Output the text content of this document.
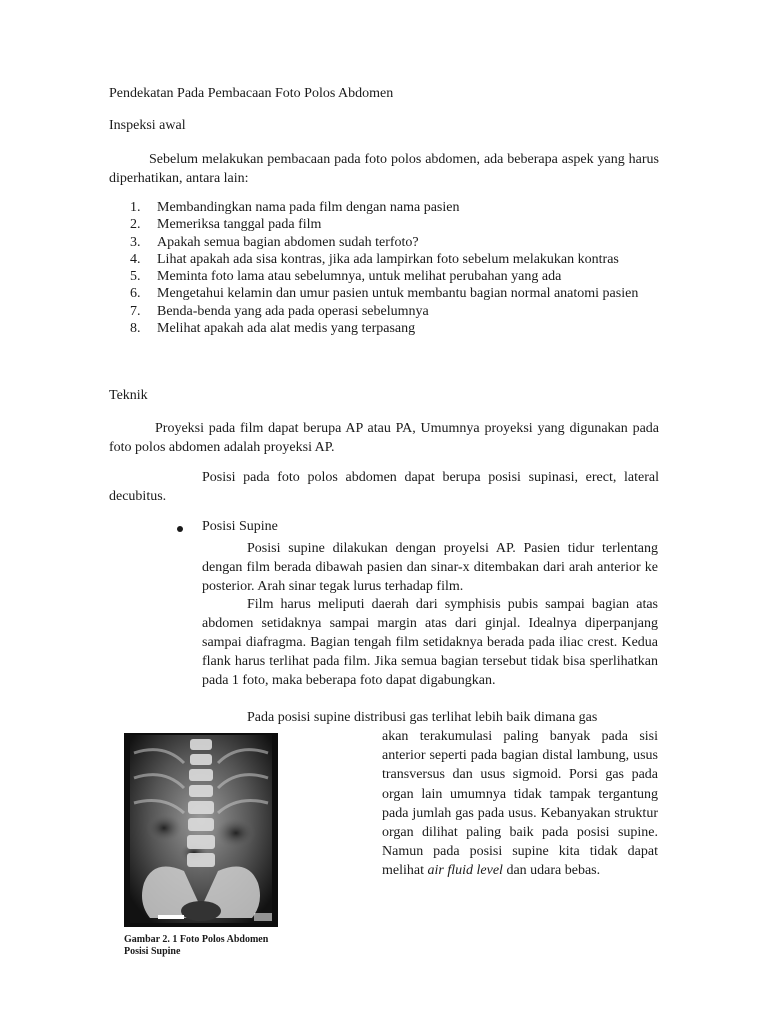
Pendekatan Pada Pembacaan Foto Polos Abdomen
Inspeksi awal
Sebelum melakukan pembacaan pada foto polos abdomen, ada beberapa aspek yang harus diperhatikan, antara lain:
1. Membandingkan nama pada film dengan nama pasien
2. Memeriksa tanggal pada film
3. Apakah semua bagian abdomen sudah terfoto?
4. Lihat apakah ada sisa kontras, jika ada lampirkan foto sebelum melakukan kontras
5. Meminta foto lama atau sebelumnya, untuk melihat perubahan yang ada
6. Mengetahui kelamin dan umur pasien untuk membantu bagian normal anatomi pasien
7. Benda-benda yang ada pada operasi sebelumnya
8. Melihat apakah ada alat medis yang terpasang
Teknik
Proyeksi pada film dapat berupa AP atau PA, Umumnya proyeksi yang digunakan pada foto polos abdomen adalah proyeksi AP.
Posisi pada foto polos abdomen dapat berupa posisi supinasi, erect, lateral decubitus.
Posisi Supine
Posisi supine dilakukan dengan proyelsi AP. Pasien tidur terlentang dengan film berada dibawah pasien dan sinar-x ditembakan dari arah anterior ke posterior. Arah sinar tegak lurus terhadap film.
Film harus meliputi daerah dari symphisis pubis sampai bagian atas abdomen setidaknya sampai margin atas dari ginjal. Idealnya diperpanjang sampai diafragma. Bagian tengah film setidaknya berada pada iliac crest. Kedua flank harus terlihat pada film. Jika semua bagian tersebut tidak bisa sperlihatkan pada 1 foto, maka beberapa foto dapat digabungkan.
Pada posisi supine distribusi gas terlihat lebih baik dimana gas
akan terakumulasi paling banyak pada sisi anterior seperti pada bagian distal lambung, usus transversus dan usus sigmoid. Porsi gas pada organ lain umumnya tidak tampak tergantung pada jumlah gas pada usus. Kebanyakan struktur organ dilihat paling baik pada posisi supine. Namun pada posisi supine kita tidak dapat melihat air fluid level dan udara bebas.
Gambar 2. 1 Foto Polos Abdomen Posisi Supine
